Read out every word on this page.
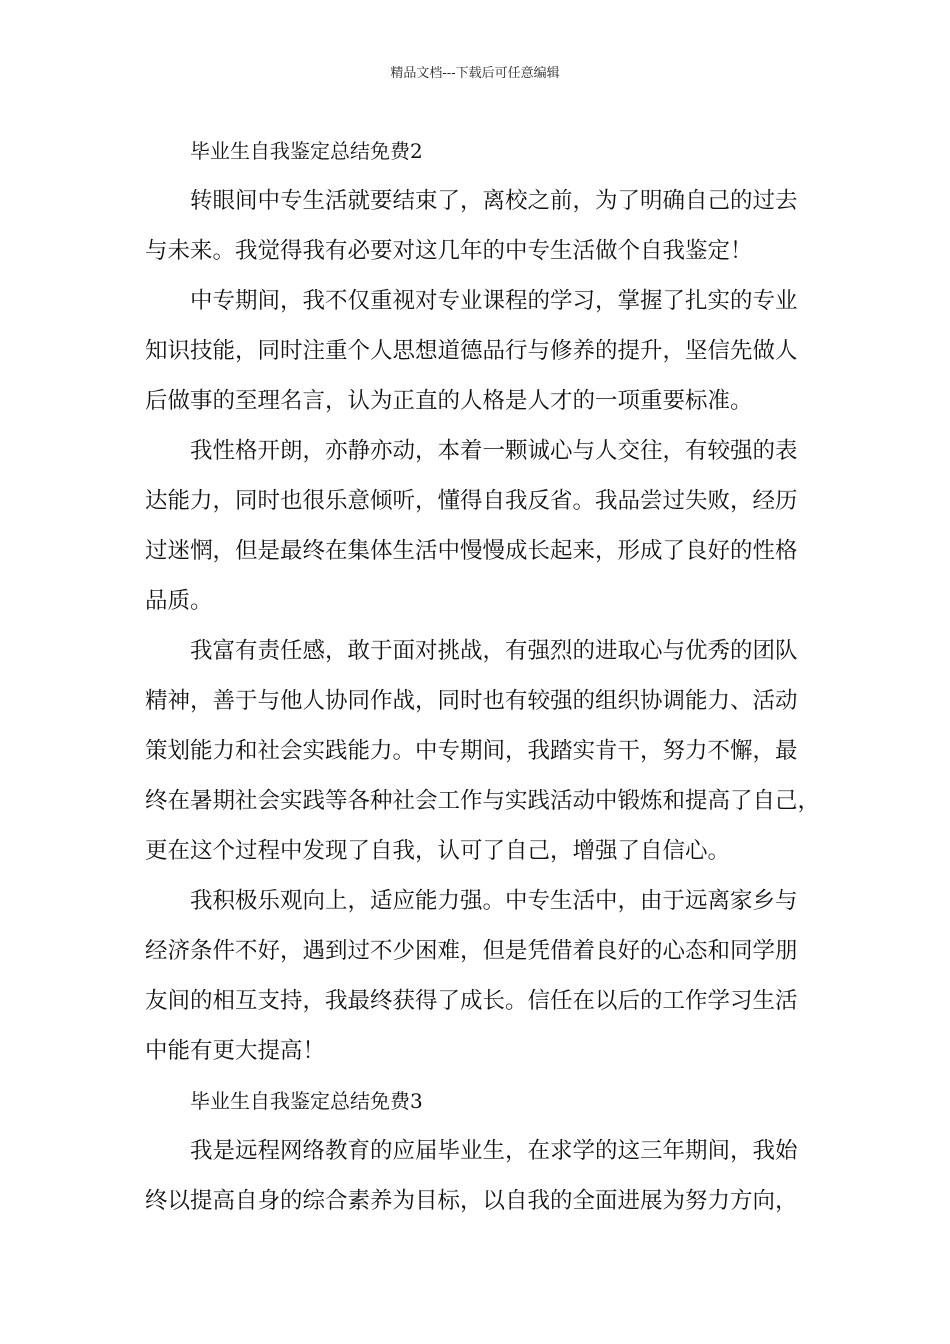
精品文档---下载后可任意编辑
毕业生自我鉴定总结免费2
转眼间中专生活就要结束了，离校之前，为了明确自己的过去
与未来。我觉得我有必要对这几年的中专生活做个自我鉴定！
中专期间，我不仅重视对专业课程的学习，掌握了扎实的专业
知识技能，同时注重个人思想道德品行与修养的提升，坚信先做人
后做事的至理名言，认为正直的人格是人才的一项重要标准。
我性格开朗，亦静亦动，本着一颗诚心与人交往，有较强的表
达能力，同时也很乐意倾听，懂得自我反省。我品尝过失败，经历
过迷惘，但是最终在集体生活中慢慢成长起来，形成了良好的性格
品质。
我富有责任感，敢于面对挑战，有强烈的进取心与优秀的团队
精神，善于与他人协同作战，同时也有较强的组织协调能力、活动
策划能力和社会实践能力。中专期间，我踏实肯干，努力不懈，最
终在暑期社会实践等各种社会工作与实践活动中锻炼和提高了自己，
更在这个过程中发现了自我，认可了自己，增强了自信心。
我积极乐观向上，适应能力强。中专生活中，由于远离家乡与
经济条件不好，遇到过不少困难，但是凭借着良好的心态和同学朋
友间的相互支持，我最终获得了成长。信任在以后的工作学习生活
中能有更大提高！
毕业生自我鉴定总结免费3
我是远程网络教育的应届毕业生，在求学的这三年期间，我始
终以提高自身的综合素养为目标，以自我的全面进展为努力方向，
